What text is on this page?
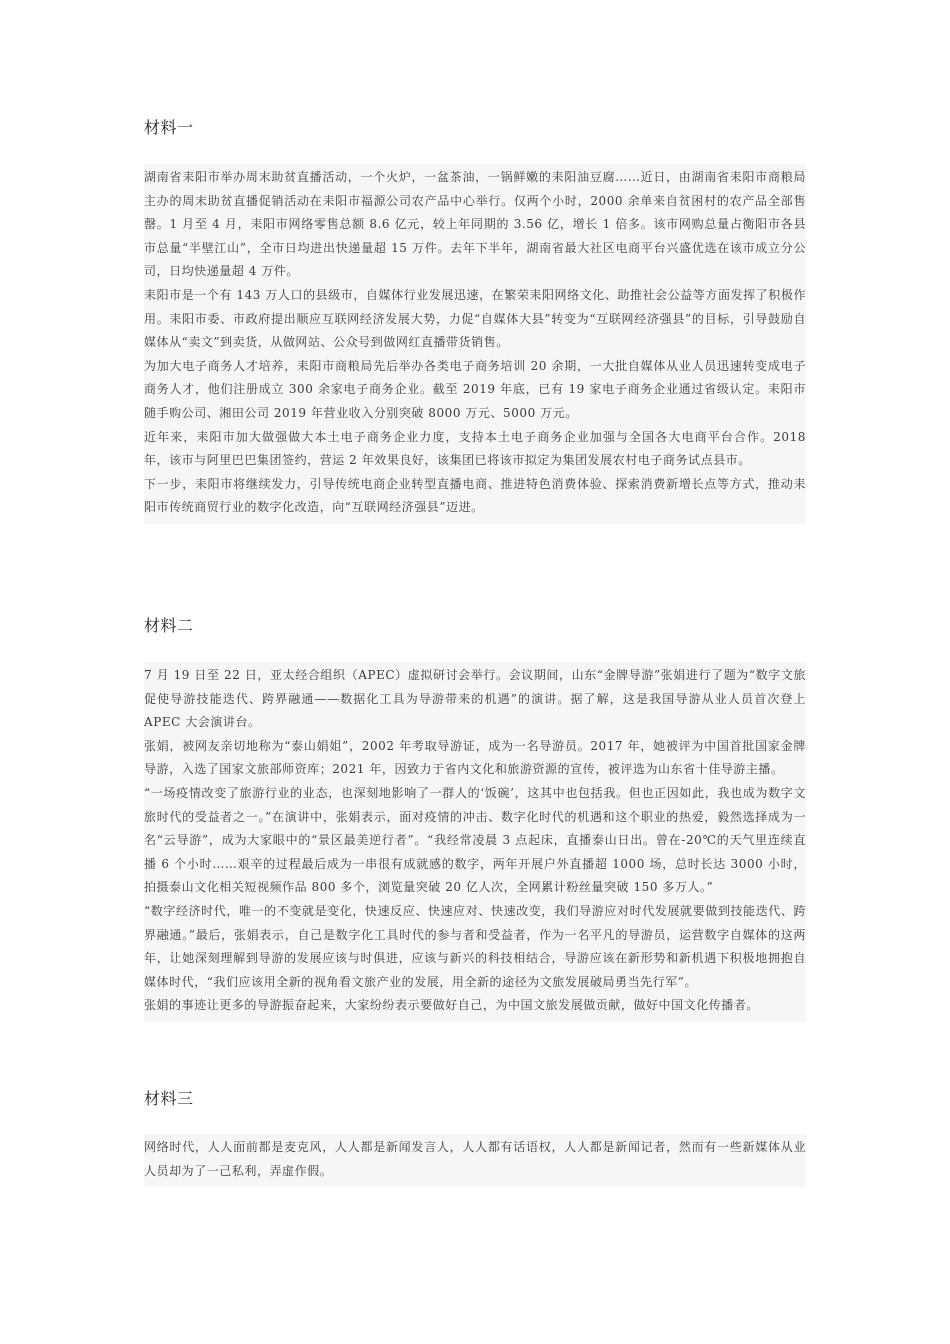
材料一

湖南省耒阳市举办周末助贫直播活动，一个火炉，一盆茶油，一锅鲜嫩的耒阳油豆腐……近日，由湖南省耒阳市商粮局主办的周末助贫直播促销活动在耒阳市福源公司农产品中心举行。仅两个小时，2000 余单来自贫困村的农产品全部售罄。1 月至 4 月，耒阳市网络零售总额 8.6 亿元，较上年同期的 3.56 亿，增长 1 倍多。该市网购总量占衡阳市各县市总量“半壁江山”，全市日均进出快递量超 15 万件。去年下半年，湖南省最大社区电商平台兴盛优选在该市成立分公司，日均快递量超 4 万件。

耒阳市是一个有 143 万人口的县级市，自媒体行业发展迅速，在繁荣耒阳网络文化、助推社会公益等方面发挥了积极作用。耒阳市委、市政府提出顺应互联网经济发展大势，力促“自媒体大县”转变为“互联网经济强县”的目标，引导鼓励自媒体从“卖文”到卖货，从做网站、公众号到做网红直播带货销售。

为加大电子商务人才培养，耒阳市商粮局先后举办各类电子商务培训 20 余期，一大批自媒体从业人员迅速转变成电子商务人才，他们注册成立 300 余家电子商务企业。截至 2019 年底，已有 19 家电子商务企业通过省级认定。耒阳市随手购公司、湘田公司 2019 年营业收入分别突破 8000 万元、5000 万元。

近年来，耒阳市加大做强做大本土电子商务企业力度，支持本土电子商务企业加强与全国各大电商平台合作。2018 年，该市与阿里巴巴集团签约，营运 2 年效果良好，该集团已将该市拟定为集团发展农村电子商务试点县市。

下一步，耒阳市将继续发力，引导传统电商企业转型直播电商、推进特色消费体验、探索消费新增长点等方式，推动耒阳市传统商贸行业的数字化改造，向“互联网经济强县”迈进。

材料二

7 月 19 日至 22 日，亚太经合组织（APEC）虚拟研讨会举行。会议期间，山东“金牌导游”张娟进行了题为“数字文旅促使导游技能迭代、跨界融通——数据化工具为导游带来的机遇”的演讲。据了解，这是我国导游从业人员首次登上 APEC 大会演讲台。

张娟，被网友亲切地称为“泰山娟姐”，2002 年考取导游证，成为一名导游员。2017 年，她被评为中国首批国家金牌导游，入选了国家文旅部师资库；2021 年，因致力于省内文化和旅游资源的宣传，被评选为山东省十佳导游主播。

“一场疫情改变了旅游行业的业态，也深刻地影响了一群人的‘饭碗’，这其中也包括我。但也正因如此，我也成为数字文旅时代的受益者之一。”在演讲中，张娟表示，面对疫情的冲击、数字化时代的机遇和这个职业的热爱，毅然选择成为一名“云导游”，成为大家眼中的“景区最美逆行者”。“我经常凌晨 3 点起床，直播泰山日出。曾在-20℃的天气里连续直播 6 个小时……艰辛的过程最后成为一串很有成就感的数字，两年开展户外直播超 1000 场，总时长达 3000 小时，拍摄泰山文化相关短视频作品 800 多个，浏览量突破 20 亿人次，全网累计粉丝量突破 150 多万人。”

“数字经济时代，唯一的不变就是变化，快速反应、快速应对、快速改变，我们导游应对时代发展就要做到技能迭代、跨界融通。”最后，张娟表示，自己是数字化工具时代的参与者和受益者，作为一名平凡的导游员，运营数字自媒体的这两年，让她深刻理解到导游的发展应该与时俱进，应该与新兴的科技相结合，导游应该在新形势和新机遇下积极地拥抱自媒体时代，“我们应该用全新的视角看文旅产业的发展，用全新的途径为文旅发展破局勇当先行军”。

张娟的事迹让更多的导游振奋起来，大家纷纷表示要做好自己，为中国文旅发展做贡献，做好中国文化传播者。

材料三

网络时代，人人面前都是麦克风，人人都是新闻发言人，人人都有话语权，人人都是新闻记者，然而有一些新媒体从业人员却为了一己私利，弄虚作假。
